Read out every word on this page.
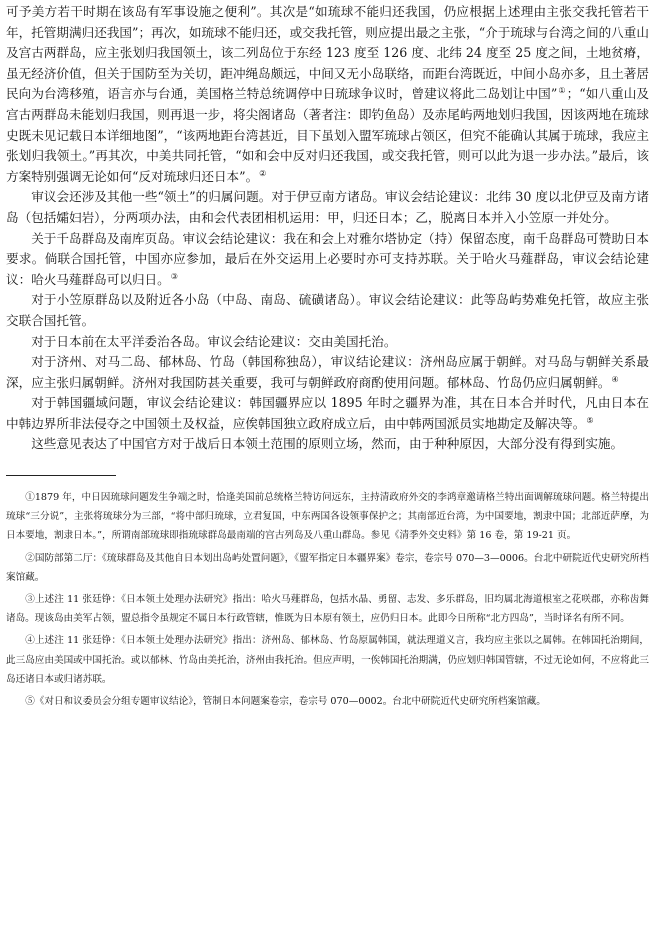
可予美方若干时期在该岛有军事设施之便利”。其次是“如琉球不能归还我国，仍应根据上述理由主张交我托管若干年，托管期满归还我国”；再次，如琉球不能归还，或交我托管，则应提出最之主张，“介于琉球与台湾之间的八重山及宫古两群岛，应主张划归我国领土，该二列岛位于东经 123 度至 126 度、北纬 24 度至 25 度之间，土地贫瘠，虽无经济价值，但关于国防至为关切，距冲绳岛颇远，中间又无小岛联络，而距台湾既近，中间小岛亦多，且土著居民向为台湾移殖，语言亦与台通，美国格兰特总统调停中日琉球争议时，曾建议将此二岛划让中国”①；“如八重山及宫古两群岛未能划归我国，则再退一步，将尖阁诸岛（著者注：即钓鱼岛）及赤尾屿两地划归我国，因该两地在琉球史既未见记载日本详细地图”，“该两地距台湾甚近，目下虽划入盟军琉球占领区，但究不能确认其属于琉球，我应主张划归我领土。”再其次，中美共同托管，“如和会中反对归还我国，或交我托管，则可以此为退一步办法。”最后，该方案特别强调无论如何“反对琉球归还日本”。②

审议会还涉及其他一些“领土”的归属问题。对于伊豆南方诸岛。审议会结论建议：北纬 30 度以北伊豆及南方诸岛（包括孀妇岩），分两项办法，由和会代表团相机运用：甲，归还日本；乙，脱离日本并入小笠原一并处分。

关于千岛群岛及南库页岛。审议会结论建议：我在和会上对雅尔塔协定（持）保留态度，南千岛群岛可赞助日本要求。倘联合国托管，中国亦应参加，最后在外交运用上必要时亦可支持苏联。关于哈火马薤群岛，审议会结论建议：哈火马薤群岛可以归日。③

对于小笠原群岛以及附近各小岛（中岛、南岛、硫磺诸岛）。审议会结论建议：此等岛屿势难免托管，故应主张交联合国托管。

对于日本前在太平洋委治各岛。审议会结论建议：交由美国托治。

对于济州、对马二岛、郁林岛、竹岛（韩国称独岛），审议结论建议：济州岛应属于朝鲜。对马岛与朝鲜关系最深，应主张归属朝鲜。济州对我国防甚关重要，我可与朝鲜政府商酌使用问题。郁林岛、竹岛仍应归属朝鲜。④

对于韩国疆域问题，审议会结论建议：韩国疆界应以 1895 年时之疆界为准，其在日本合并时代，凡由日本在中韩边界所非法侵夺之中国领土及权益，应俟韩国独立政府成立后，由中韩两国派员实地勘定及解决等。⑤

这些意见表达了中国官方对于战后日本领土范围的原则立场，然而，由于种种原因，大部分没有得到实施。

①1879 年，中日因琉球问题发生争端之时，恰逢美国前总统格兰特访问远东，主持清政府外交的李鸿章邀请格兰特出面调解琉球问题。格兰特提出琉球“三分说”，主张将琉球分为三部，“将中部归琉球，立君复国，中东两国各设领事保护之；其南部近台湾，为中国要地，割隶中国；北部近萨摩，为日本要地，割隶日本。”，所谓南部琉球即指琉球群岛最南端的宫古列岛及八重山群岛。参见《清季外交史料》第 16 卷，第 19-21 页。

②国防部第二厅：《琉球群岛及其他自日本划出岛屿处置问题》，《盟军指定日本疆界案》卷宗，卷宗号 070—3—0006。台北中研院近代史研究所档案馆藏。

③上述注 11 张廷铮：《日本领土处理办法研究》指出：哈火马薤群岛，包括水晶、勇留、志发、多乐群岛，旧均属北海道根室之花咲郡，亦称齿舞诸岛。现该岛由美军占领，盟总指令虽规定不属日本行政管辖，惟既为日本原有领土，应仍归日本。此即今日所称“北方四岛”，当时译名有所不同。

④上述注 11 张廷铮：《日本领土处理办法研究》指出：济州岛、郁林岛、竹岛原属韩国，就法理道义言，我均应主张以之属韩。在韩国托治期间，此三岛应由美国或中国托治。或以郁林、竹岛由美托治，济州由我托治。但应声明，一俟韩国托治期满，仍应划归韩国管辖，不过无论如何，不应将此三岛还诸日本或归诸苏联。

⑤《对日和议委员会分组专题审议结论》，管制日本问题案卷宗，卷宗号 070—0002。台北中研院近代史研究所档案馆藏。
